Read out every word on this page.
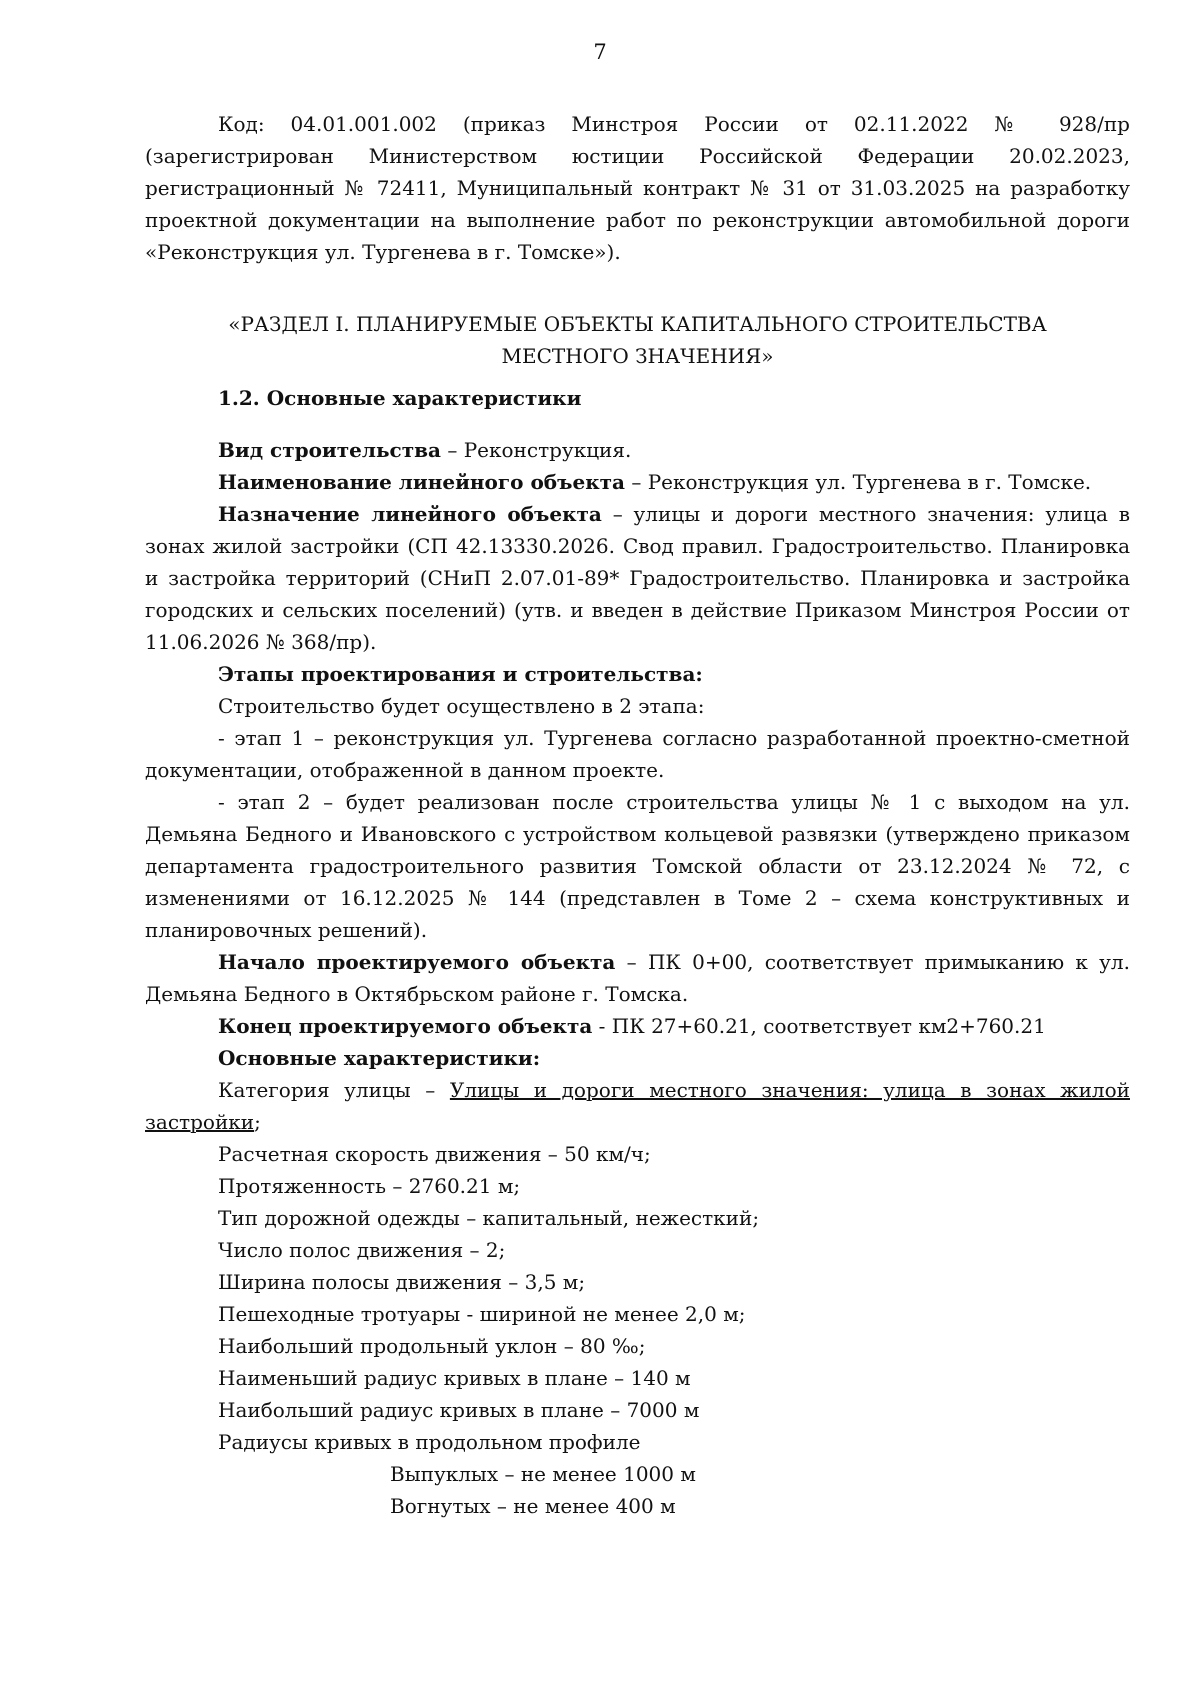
7

Код: 04.01.001.002 (приказ Минстроя России от 02.11.2022 № 928/пр (зарегистрирован Министерством юстиции Российской Федерации 20.02.2023, регистрационный № 72411, Муниципальный контракт № 31 от 31.03.2025 на разработку проектной документации на выполнение работ по реконструкции автомобильной дороги «Реконструкция ул. Тургенева в г. Томске»).

«РАЗДЕЛ I. ПЛАНИРУЕМЫЕ ОБЪЕКТЫ КАПИТАЛЬНОГО СТРОИТЕЛЬСТВА
МЕСТНОГО ЗНАЧЕНИЯ»

1.2. Основные характеристики

Вид строительства – Реконструкция.

Наименование линейного объекта – Реконструкция ул. Тургенева в г. Томске.

Назначение линейного объекта – улицы и дороги местного значения: улица в зонах жилой застройки (СП 42.13330.2026. Свод правил. Градостроительство. Планировка и застройка территорий (СНиП 2.07.01-89* Градостроительство. Планировка и застройка городских и сельских поселений) (утв. и введен в действие Приказом Минстроя России от 11.06.2026 № 368/пр).

Этапы проектирования и строительства:

Строительство будет осуществлено в 2 этапа:

- этап 1 – реконструкция ул. Тургенева согласно разработанной проектно-сметной документации, отображенной в данном проекте.

- этап 2 – будет реализован после строительства улицы № 1 с выходом на ул. Демьяна Бедного и Ивановского с устройством кольцевой развязки (утверждено приказом департамента градостроительного развития Томской области от 23.12.2024 № 72, с изменениями от 16.12.2025 № 144 (представлен в Томе 2 – схема конструктивных и планировочных решений).

Начало проектируемого объекта – ПК 0+00, соответствует примыканию к ул. Демьяна Бедного в Октябрьском районе г. Томска.

Конец проектируемого объекта - ПК 27+60.21, соответствует км2+760.21

Основные характеристики:

Категория улицы – Улицы и дороги местного значения: улица в зонах жилой застройки;

Расчетная скорость движения – 50 км/ч;

Протяженность – 2760.21 м;

Тип дорожной одежды – капитальный, нежесткий;

Число полос движения – 2;

Ширина полосы движения – 3,5 м;

Пешеходные тротуары - шириной не менее 2,0 м;

Наибольший продольный уклон – 80 ‰;

Наименьший радиус кривых в плане – 140 м

Наибольший радиус кривых в плане – 7000 м

Радиусы кривых в продольном профиле

Выпуклых – не менее 1000 м

Вогнутых – не менее 400 м
